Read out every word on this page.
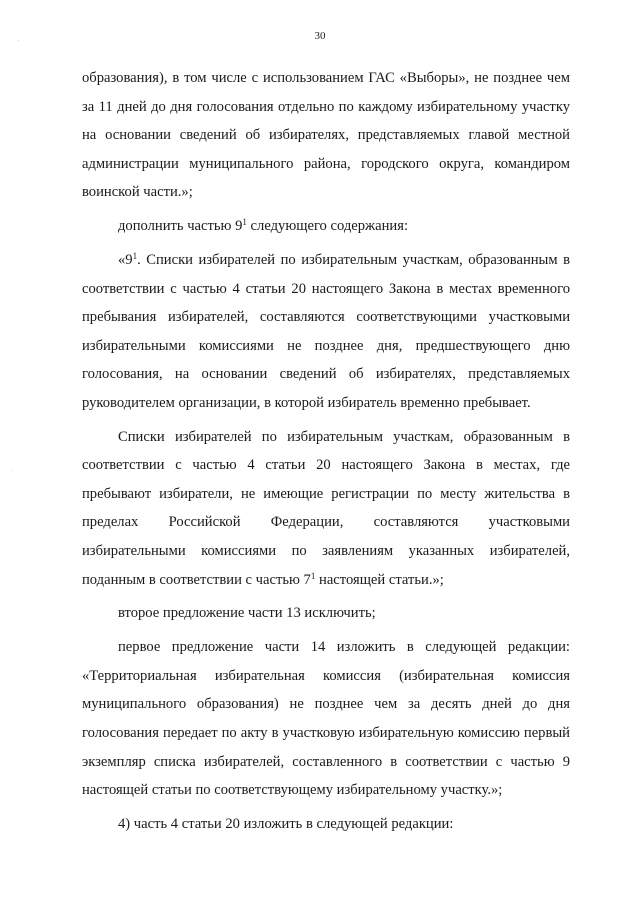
30

образования), в том числе с использованием ГАС «Выборы», не позднее чем за 11 дней до дня голосования отдельно по каждому избирательному участку на основании сведений об избирателях, представляемых главой местной администрации муниципального района, городского округа, командиром воинской части.»;

дополнить частью $9^1$ следующего содержания:

«$9^1$. Списки избирателей по избирательным участкам, образованным в соответствии с частью 4 статьи 20 настоящего Закона в местах временного пребывания избирателей, составляются соответствующими участковыми избирательными комиссиями не позднее дня, предшествующего дню голосования, на основании сведений об избирателях, представляемых руководителем организации, в которой избиратель временно пребывает.

Списки избирателей по избирательным участкам, образованным в соответствии с частью 4 статьи 20 настоящего Закона в местах, где пребывают избиратели, не имеющие регистрации по месту жительства в пределах Российской Федерации, составляются участковыми избирательными комиссиями по заявлениям указанных избирателей, поданным в соответствии с частью $7^1$ настоящей статьи.»;

второе предложение части 13 исключить;

первое предложение части 14 изложить в следующей редакции: «Территориальная избирательная комиссия (избирательная комиссия муниципального образования) не позднее чем за десять дней до дня голосования передает по акту в участковую избирательную комиссию первый экземпляр списка избирателей, составленного в соответствии с частью 9 настоящей статьи по соответствующему избирательному участку.»;

4) часть 4 статьи 20 изложить в следующей редакции:
